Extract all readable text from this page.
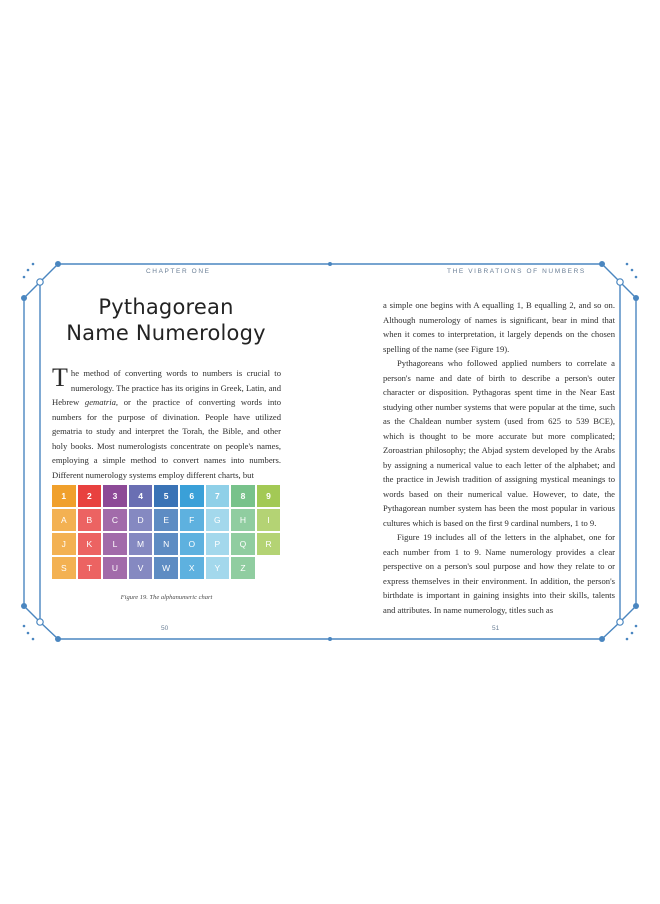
CHAPTER ONE	THE VIBRATIONS OF NUMBERS
Pythagorean
Name Numerology

The method of converting words to numbers is crucial to numerology. The practice has its origins in Greek, Latin, and Hebrew gematria, or the practice of converting words into numbers for the purpose of divination. People have utilized gematria to study and interpret the Torah, the Bible, and other holy books. Most numerologists concentrate on people's names, employing a simple method to convert names into numbers. Different numerology systems employ different charts, but

1	2	3	4	5	6	7	8	9
A	B	C	D	E	F	G	H	I
J	K	L	M	N	O	P	Q	R
S	T	U	V	W	X	Y	Z
Figure 19. The alphanumeric chart

a simple one begins with A equalling 1, B equalling 2, and so on. Although numerology of names is significant, bear in mind that when it comes to interpretation, it largely depends on the chosen spelling of the name (see Figure 19).

Pythagoreans who followed applied numbers to correlate a person's name and date of birth to describe a person's outer character or disposition. Pythagoras spent time in the Near East studying other number systems that were popular at the time, such as the Chaldean number system (used from 625 to 539 BCE), which is thought to be more accurate but more complicated; Zoroastrian philosophy; the Abjad system developed by the Arabs by assigning a numerical value to each letter of the alphabet; and the practice in Jewish tradition of assigning mystical meanings to words based on their numerical value. However, to date, the Pythagorean number system has been the most popular in various cultures which is based on the first 9 cardinal numbers, 1 to 9.

Figure 19 includes all of the letters in the alphabet, one for each number from 1 to 9. Name numerology provides a clear perspective on a person's soul purpose and how they relate to or express themselves in their environment. In addition, the person's birthdate is important in gaining insights into their skills, talents and attributes. In name numerology, titles such as

50	51
